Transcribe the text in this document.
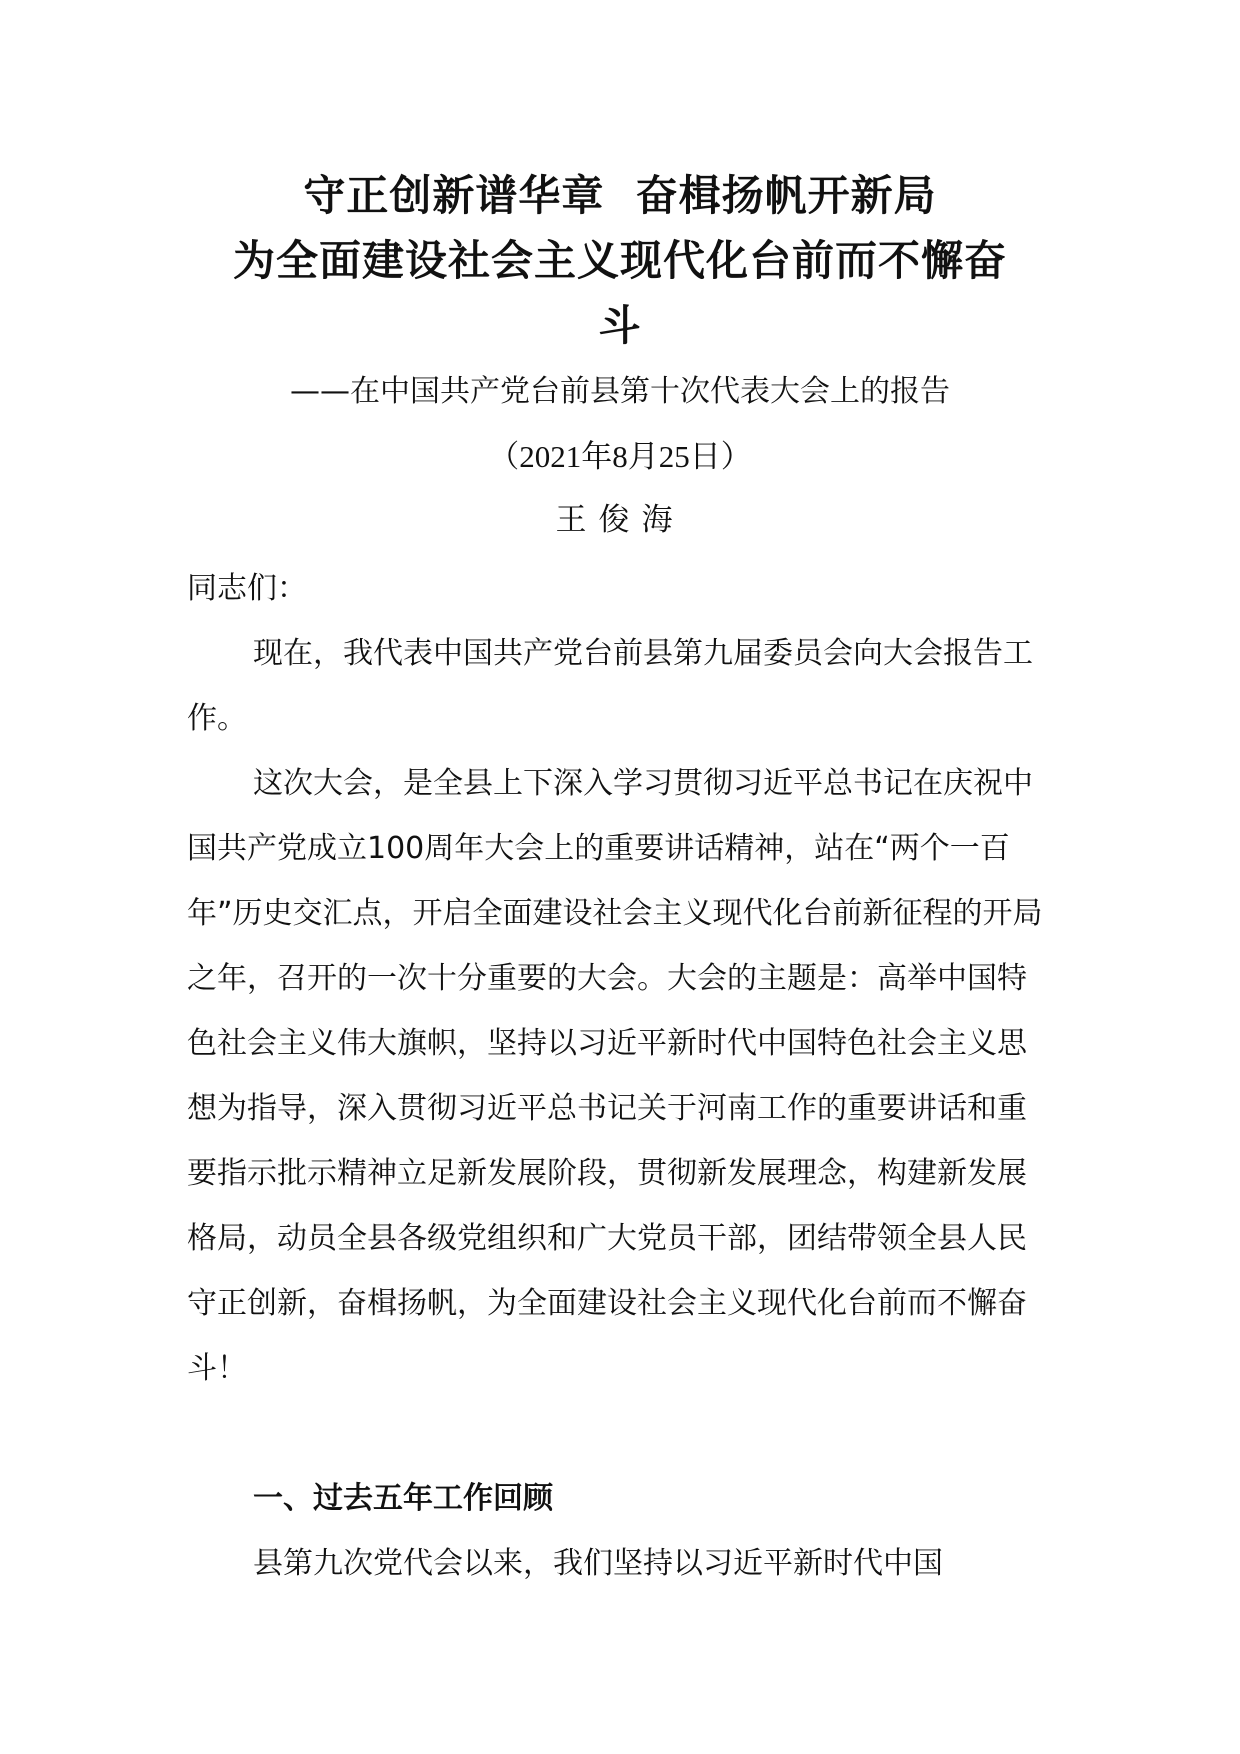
守正创新谱华章  奋楫扬帆开新局
为全面建设社会主义现代化台前而不懈奋
斗

——在中国共产党台前县第十次代表大会上的报告

（2021年8月25日）

王俊海

同志们：

现在，我代表中国共产党台前县第九届委员会向大会报告工作。

这次大会，是全县上下深入学习贯彻习近平总书记在庆祝中国共产党成立100周年大会上的重要讲话精神，站在“两个一百年”历史交汇点，开启全面建设社会主义现代化台前新征程的开局之年，召开的一次十分重要的大会。大会的主题是：高举中国特色社会主义伟大旗帜，坚持以习近平新时代中国特色社会主义思想为指导，深入贯彻习近平总书记关于河南工作的重要讲话和重要指示批示精神立足新发展阶段，贯彻新发展理念，构建新发展格局，动员全县各级党组织和广大党员干部，团结带领全县人民守正创新，奋楫扬帆，为全面建设社会主义现代化台前而不懈奋斗！

一、过去五年工作回顾

县第九次党代会以来，我们坚持以习近平新时代中国
